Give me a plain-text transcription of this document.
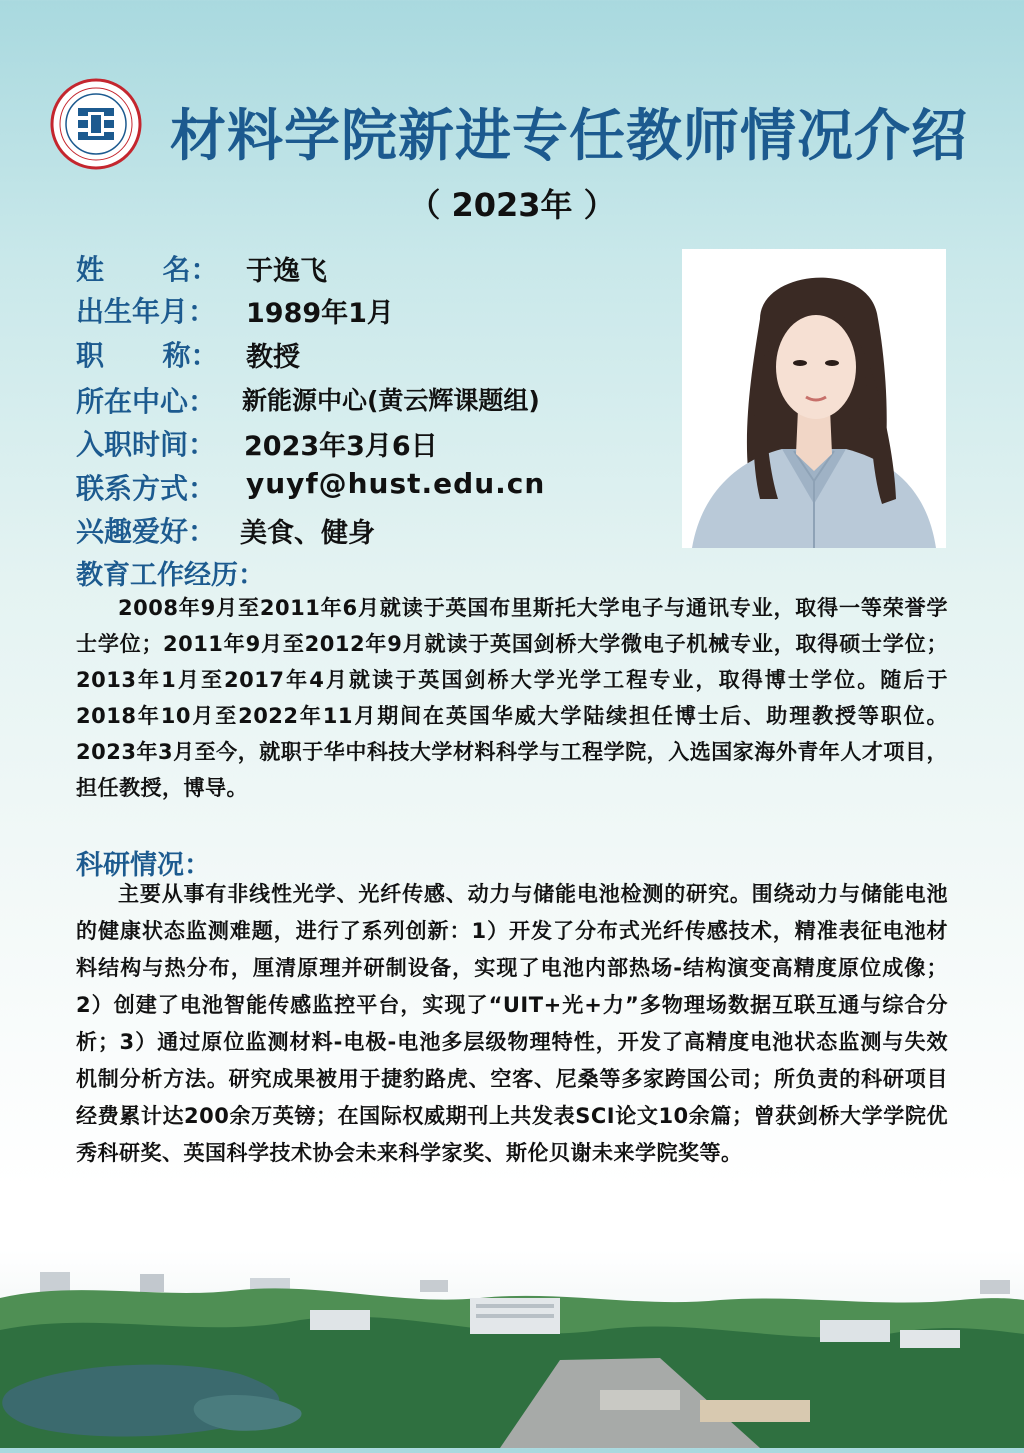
材料学院新进专任教师情况介绍
（ 2023年 ）
姓      名： 于逸飞
出生年月： 1989年1月
职      称： 教授
所在中心： 新能源中心(黄云辉课题组)
入职时间： 2023年3月6日
联系方式： yuyf@hust.edu.cn
兴趣爱好： 美食、健身
教育工作经历：
2008年9月至2011年6月就读于英国布里斯托大学电子与通讯专业，取得一等荣誉学士学位；2011年9月至2012年9月就读于英国剑桥大学微电子机械专业，取得硕士学位；2013年1月至2017年4月就读于英国剑桥大学光学工程专业，取得博士学位。随后于2018年10月至2022年11月期间在英国华威大学陆续担任博士后、助理教授等职位。2023年3月至今，就职于华中科技大学材料科学与工程学院，入选国家海外青年人才项目，担任教授，博导。
科研情况：
主要从事有非线性光学、光纤传感、动力与储能电池检测的研究。围绕动力与储能电池的健康状态监测难题，进行了系列创新：1）开发了分布式光纤传感技术，精准表征电池材料结构与热分布，厘清原理并研制设备，实现了电池内部热场-结构演变高精度原位成像；2）创建了电池智能传感监控平台，实现了“UIT+光+力”多物理场数据互联互通与综合分析；3）通过原位监测材料-电极-电池多层级物理特性，开发了高精度电池状态监测与失效机制分析方法。研究成果被用于捷豹路虎、空客、尼桑等多家跨国公司；所负责的科研项目经费累计达200余万英镑；在国际权威期刊上共发表SCI论文10余篇；曾获剑桥大学学院优秀科研奖、英国科学技术协会未来科学家奖、斯伦贝谢未来学院奖等。
